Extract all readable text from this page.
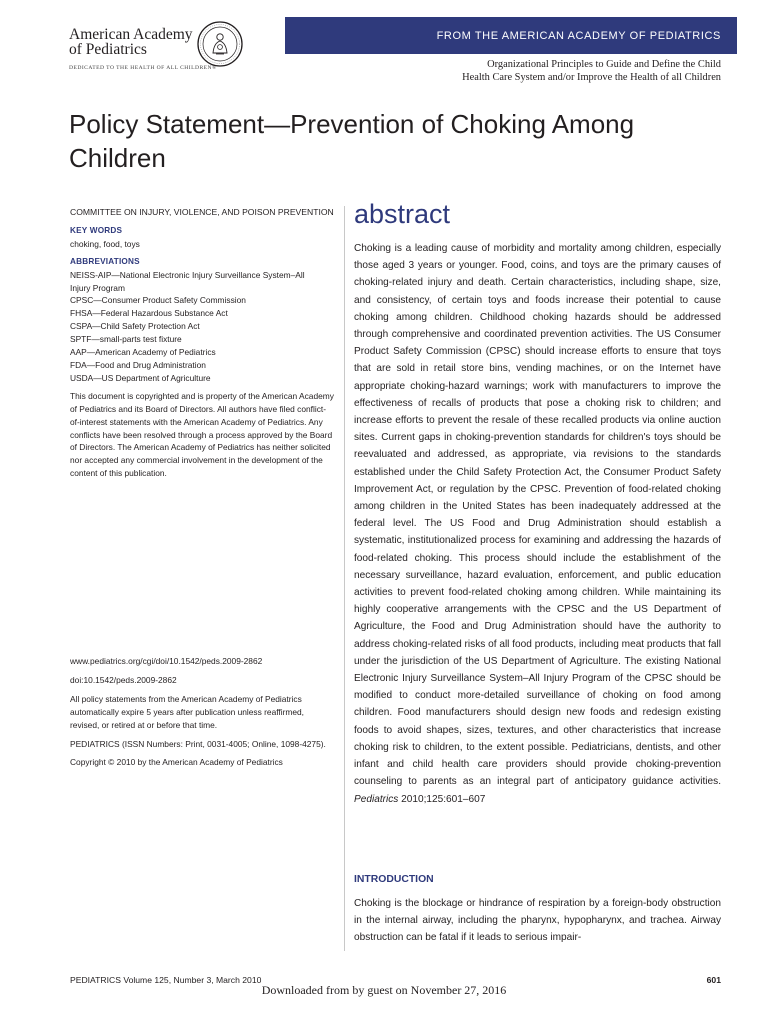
American Academy
of Pediatrics
DEDICATED TO THE HEALTH OF ALL CHILDREN®
FROM THE AMERICAN ACADEMY OF PEDIATRICS
Organizational Principles to Guide and Define the Child
Health Care System and/or Improve the Health of all Children
Policy Statement—Prevention of Choking Among Children
COMMITTEE ON INJURY, VIOLENCE, AND POISON PREVENTION
KEY WORDS
choking, food, toys
ABBREVIATIONS
NEISS-AIP—National Electronic Injury Surveillance System–All
Injury Program
CPSC—Consumer Product Safety Commission
FHSA—Federal Hazardous Substance Act
CSPA—Child Safety Protection Act
SPTF—small-parts test fixture
AAP—American Academy of Pediatrics
FDA—Food and Drug Administration
USDA—US Department of Agriculture
This document is copyrighted and is property of the American Academy of Pediatrics and its Board of Directors. All authors have filed conflict-of-interest statements with the American Academy of Pediatrics. Any conflicts have been resolved through a process approved by the Board of Directors. The American Academy of Pediatrics has neither solicited nor accepted any commercial involvement in the development of the content of this publication.
www.pediatrics.org/cgi/doi/10.1542/peds.2009-2862
doi:10.1542/peds.2009-2862
All policy statements from the American Academy of Pediatrics automatically expire 5 years after publication unless reaffirmed, revised, or retired at or before that time.
PEDIATRICS (ISSN Numbers: Print, 0031-4005; Online, 1098-4275).
Copyright © 2010 by the American Academy of Pediatrics
abstract
Choking is a leading cause of morbidity and mortality among children, especially those aged 3 years or younger. Food, coins, and toys are the primary causes of choking-related injury and death. Certain characteristics, including shape, size, and consistency, of certain toys and foods increase their potential to cause choking among children. Childhood choking hazards should be addressed through comprehensive and coordinated prevention activities. The US Consumer Product Safety Commission (CPSC) should increase efforts to ensure that toys that are sold in retail store bins, vending machines, or on the Internet have appropriate choking-hazard warnings; work with manufacturers to improve the effectiveness of recalls of products that pose a choking risk to children; and increase efforts to prevent the resale of these recalled products via online auction sites. Current gaps in choking-prevention standards for children's toys should be reevaluated and addressed, as appropriate, via revisions to the standards established under the Child Safety Protection Act, the Consumer Product Safety Improvement Act, or regulation by the CPSC. Prevention of food-related choking among children in the United States has been inadequately addressed at the federal level. The US Food and Drug Administration should establish a systematic, institutionalized process for examining and addressing the hazards of food-related choking. This process should include the establishment of the necessary surveillance, hazard evaluation, enforcement, and public education activities to prevent food-related choking among children. While maintaining its highly cooperative arrangements with the CPSC and the US Department of Agriculture, the Food and Drug Administration should have the authority to address choking-related risks of all food products, including meat products that fall under the jurisdiction of the US Department of Agriculture. The existing National Electronic Injury Surveillance System–All Injury Program of the CPSC should be modified to conduct more-detailed surveillance of choking on food among children. Food manufacturers should design new foods and redesign existing foods to avoid shapes, sizes, textures, and other characteristics that increase choking risk to children, to the extent possible. Pediatricians, dentists, and other infant and child health care providers should provide choking-prevention counseling to parents as an integral part of anticipatory guidance activities. Pediatrics 2010;125:601–607
INTRODUCTION
Choking is the blockage or hindrance of respiration by a foreign-body obstruction in the internal airway, including the pharynx, hypopharynx, and trachea. Airway obstruction can be fatal if it leads to serious impair-
PEDIATRICS Volume 125, Number 3, March 2010	601
Downloaded from by guest on November 27, 2016
